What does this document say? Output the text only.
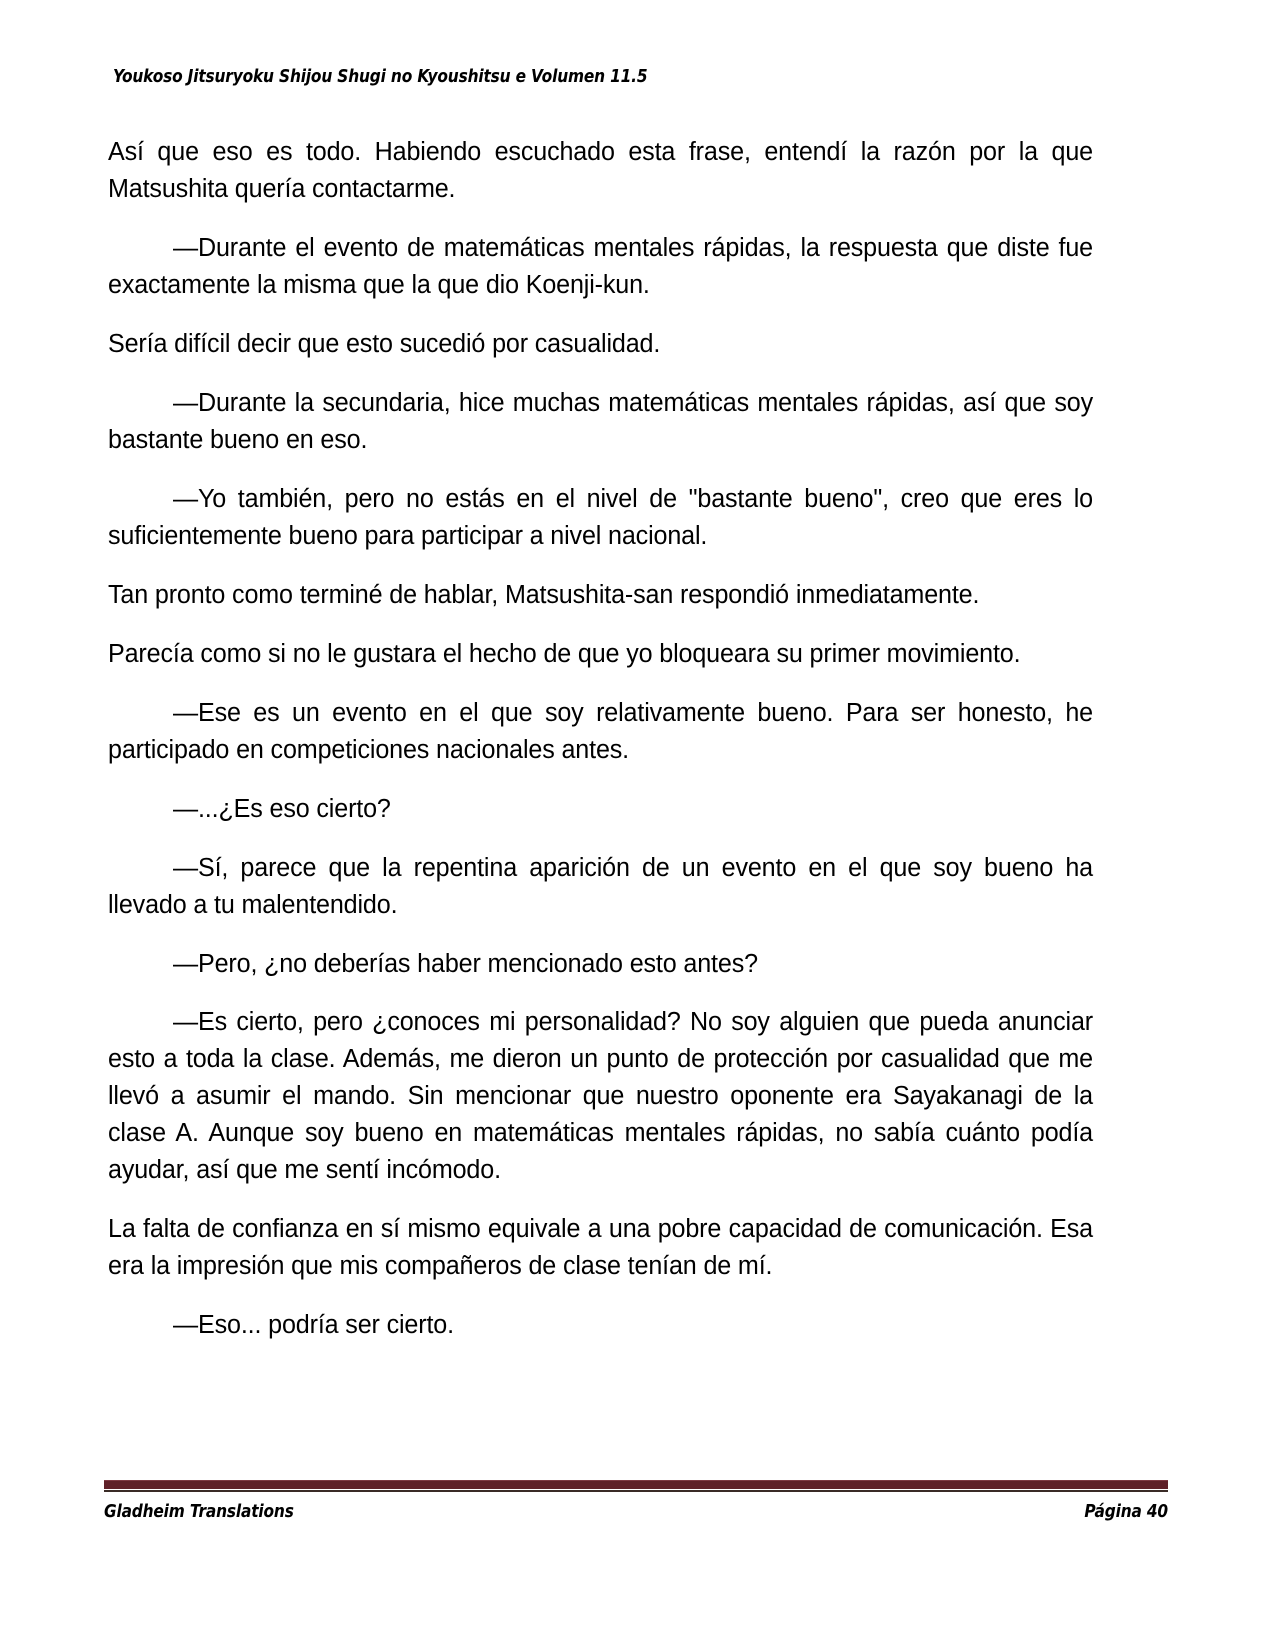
Youkoso Jitsuryoku Shijou Shugi no Kyoushitsu e Volumen 11.5

Así que eso es todo. Habiendo escuchado esta frase, entendí la razón por la que Matsushita quería contactarme.

—Durante el evento de matemáticas mentales rápidas, la respuesta que diste fue exactamente la misma que la que dio Koenji-kun.

Sería difícil decir que esto sucedió por casualidad.

—Durante la secundaria, hice muchas matemáticas mentales rápidas, así que soy bastante bueno en eso.

—Yo también, pero no estás en el nivel de "bastante bueno", creo que eres lo suficientemente bueno para participar a nivel nacional.

Tan pronto como terminé de hablar, Matsushita-san respondió inmediatamente.

Parecía como si no le gustara el hecho de que yo bloqueara su primer movimiento.

—Ese es un evento en el que soy relativamente bueno. Para ser honesto, he participado en competiciones nacionales antes.

—...¿Es eso cierto?

—Sí, parece que la repentina aparición de un evento en el que soy bueno ha llevado a tu malentendido.

—Pero, ¿no deberías haber mencionado esto antes?

—Es cierto, pero ¿conoces mi personalidad? No soy alguien que pueda anunciar esto a toda la clase. Además, me dieron un punto de protección por casualidad que me llevó a asumir el mando. Sin mencionar que nuestro oponente era Sayakanagi de la clase A. Aunque soy bueno en matemáticas mentales rápidas, no sabía cuánto podía ayudar, así que me sentí incómodo.

La falta de confianza en sí mismo equivale a una pobre capacidad de comunicación. Esa era la impresión que mis compañeros de clase tenían de mí.

—Eso... podría ser cierto.

Gladheim Translations	Página 40
